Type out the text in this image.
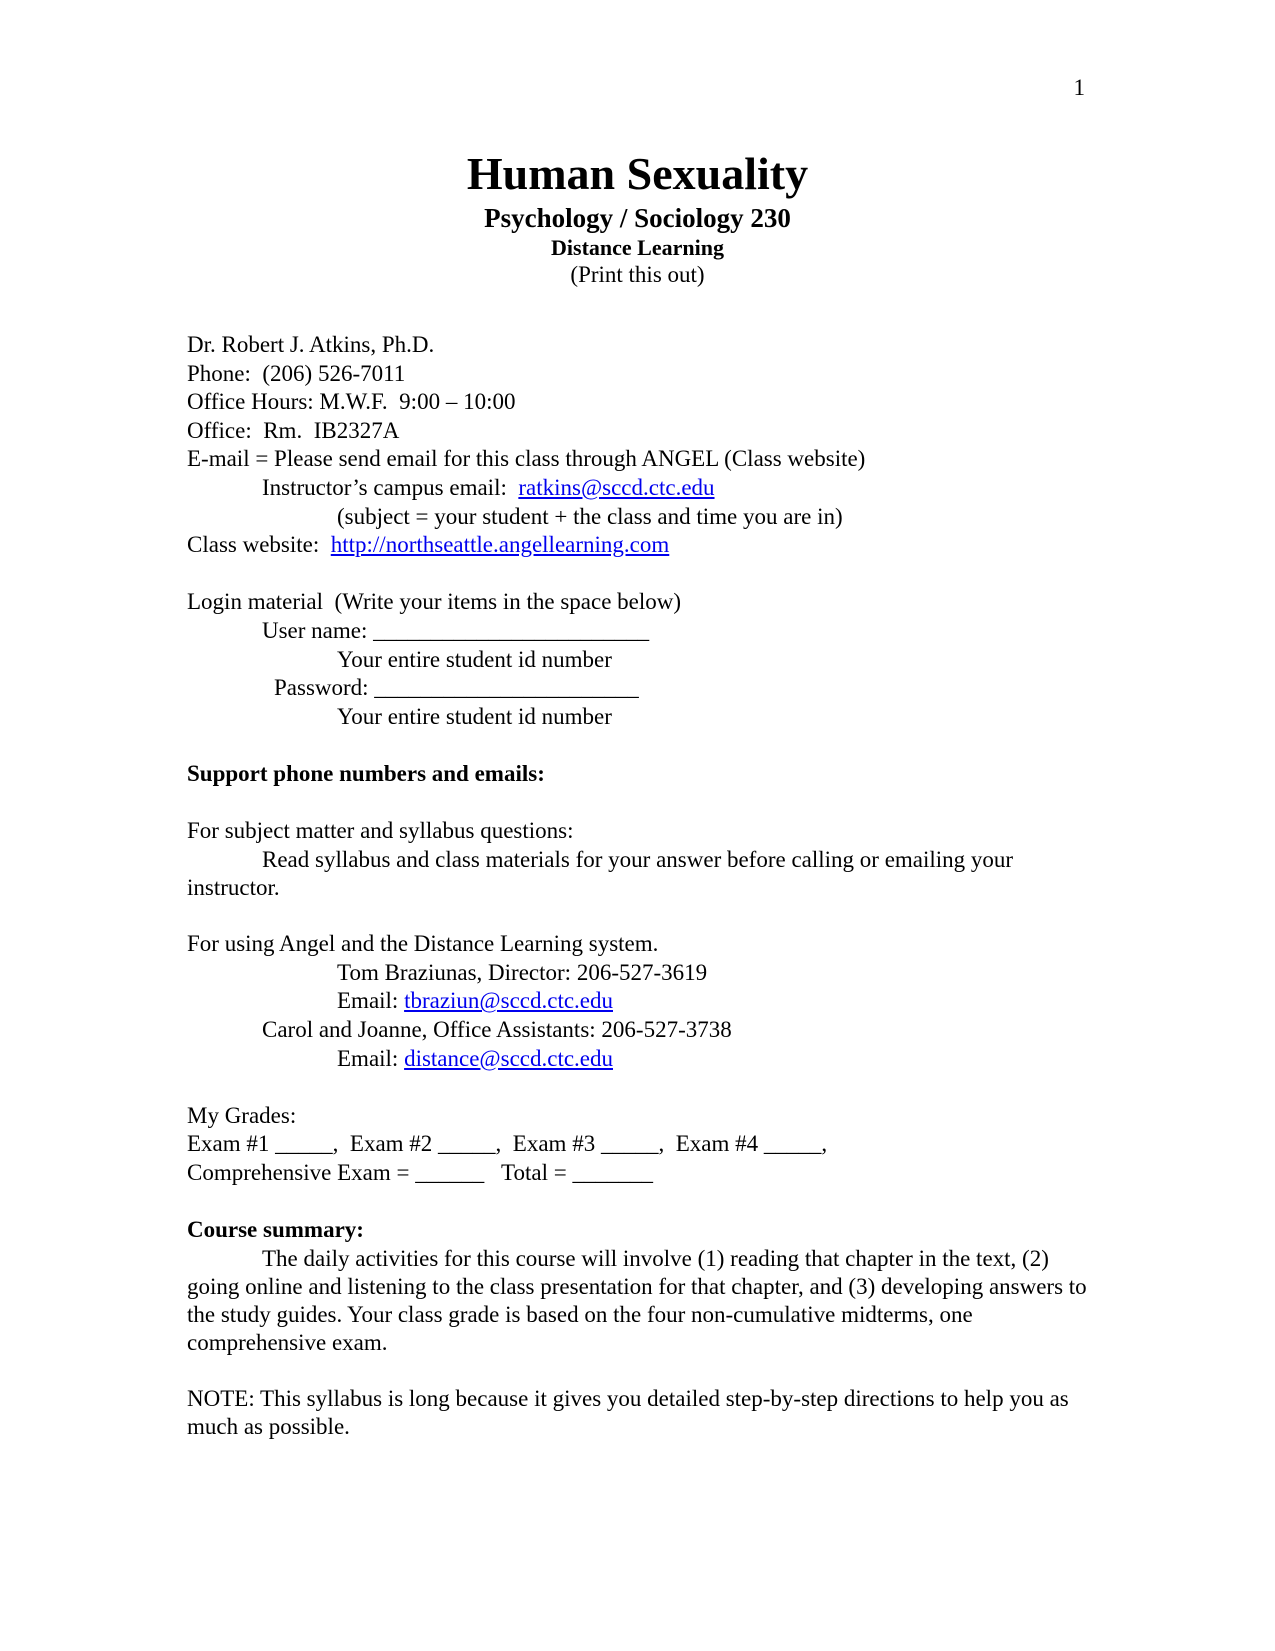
1
Human Sexuality
Psychology / Sociology 230
Distance Learning
(Print this out)
Dr. Robert J. Atkins, Ph.D.
Phone:  (206) 526-7011
Office Hours: M.W.F.  9:00 – 10:00
Office:  Rm.  IB2327A
E-mail = Please send email for this class through ANGEL (Class website)
Instructor’s campus email:  ratkins@sccd.ctc.edu
(subject = your student + the class and time you are in)
Class website:  http://northseattle.angellearning.com
Login material  (Write your items in the space below)
User name: ________________________
Your entire student id number
Password: _______________________
Your entire student id number
Support phone numbers and emails:
For subject matter and syllabus questions:
Read syllabus and class materials for your answer before calling or emailing your instructor.
For using Angel and the Distance Learning system.
Tom Braziunas, Director: 206-527-3619
Email: tbraziun@sccd.ctc.edu
Carol and Joanne, Office Assistants: 206-527-3738
Email: distance@sccd.ctc.edu
My Grades:
Exam #1 _____,  Exam #2 _____,  Exam #3 _____,  Exam #4 _____,
Comprehensive Exam = ______   Total = _______
Course summary:
The daily activities for this course will involve (1) reading that chapter in the text, (2) going online and listening to the class presentation for that chapter, and (3) developing answers to the study guides. Your class grade is based on the four non-cumulative midterms, one comprehensive exam.
NOTE: This syllabus is long because it gives you detailed step-by-step directions to help you as much as possible.
